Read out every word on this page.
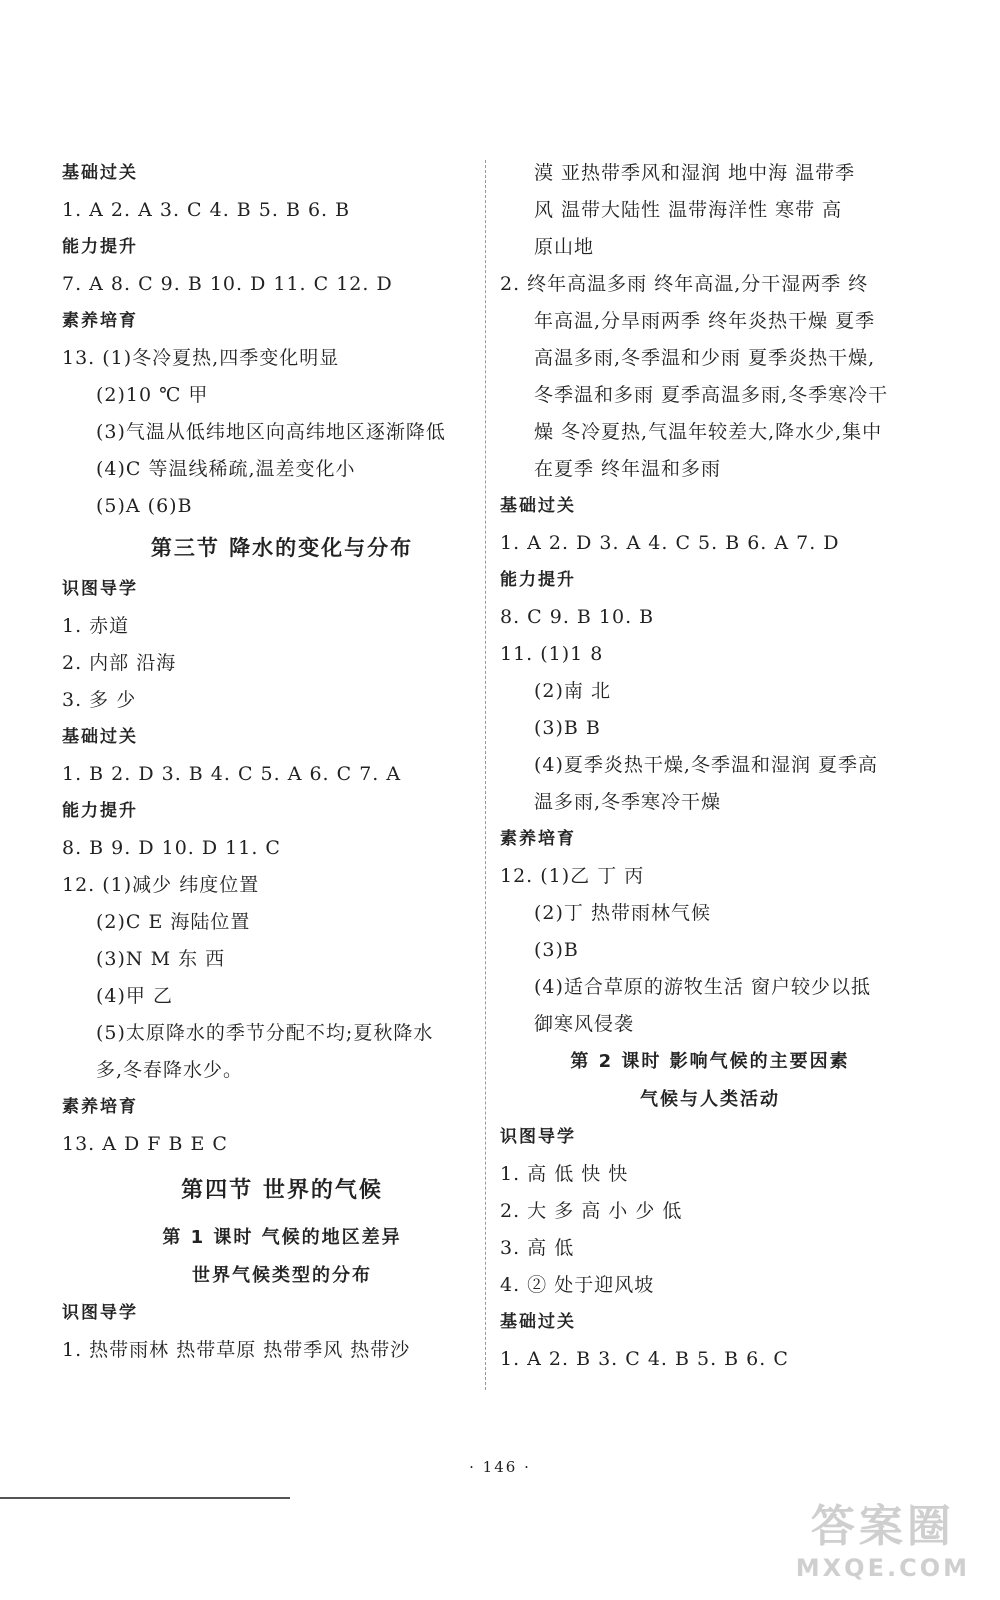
基础过关
1. A 2. A 3. C 4. B 5. B 6. B
能力提升
7. A 8. C 9. B 10. D 11. C 12. D
素养培育
13. (1)冬冷夏热,四季变化明显
(2)10 ℃ 甲
(3)气温从低纬地区向高纬地区逐渐降低
(4)C 等温线稀疏,温差变化小
(5)A (6)B
第三节 降水的变化与分布
识图导学
1. 赤道
2. 内部 沿海
3. 多 少
基础过关
1. B 2. D 3. B 4. C 5. A 6. C 7. A
能力提升
8. B 9. D 10. D 11. C
12. (1)减少 纬度位置
(2)C E 海陆位置
(3)N M 东 西
(4)甲 乙
(5)太原降水的季节分配不均;夏秋降水
多,冬春降水少。
素养培育
13. A D F B E C
第四节 世界的气候
第 1 课时 气候的地区差异
世界气候类型的分布
识图导学
1. 热带雨林 热带草原 热带季风 热带沙
漠 亚热带季风和湿润 地中海 温带季
风 温带大陆性 温带海洋性 寒带 高
原山地
2. 终年高温多雨 终年高温,分干湿两季 终
年高温,分旱雨两季 终年炎热干燥 夏季
高温多雨,冬季温和少雨 夏季炎热干燥,
冬季温和多雨 夏季高温多雨,冬季寒冷干
燥 冬冷夏热,气温年较差大,降水少,集中
在夏季 终年温和多雨
基础过关
1. A 2. D 3. A 4. C 5. B 6. A 7. D
能力提升
8. C 9. B 10. B
11. (1)1 8
(2)南 北
(3)B B
(4)夏季炎热干燥,冬季温和湿润 夏季高
温多雨,冬季寒冷干燥
素养培育
12. (1)乙 丁 丙
(2)丁 热带雨林气候
(3)B
(4)适合草原的游牧生活 窗户较少以抵
御寒风侵袭
第 2 课时 影响气候的主要因素
气候与人类活动
识图导学
1. 高 低 快 快
2. 大 多 高 小 少 低
3. 高 低
4. ② 处于迎风坡
基础过关
1. A 2. B 3. C 4. B 5. B 6. C
· 146 ·
答案圈
MXQE.COM
